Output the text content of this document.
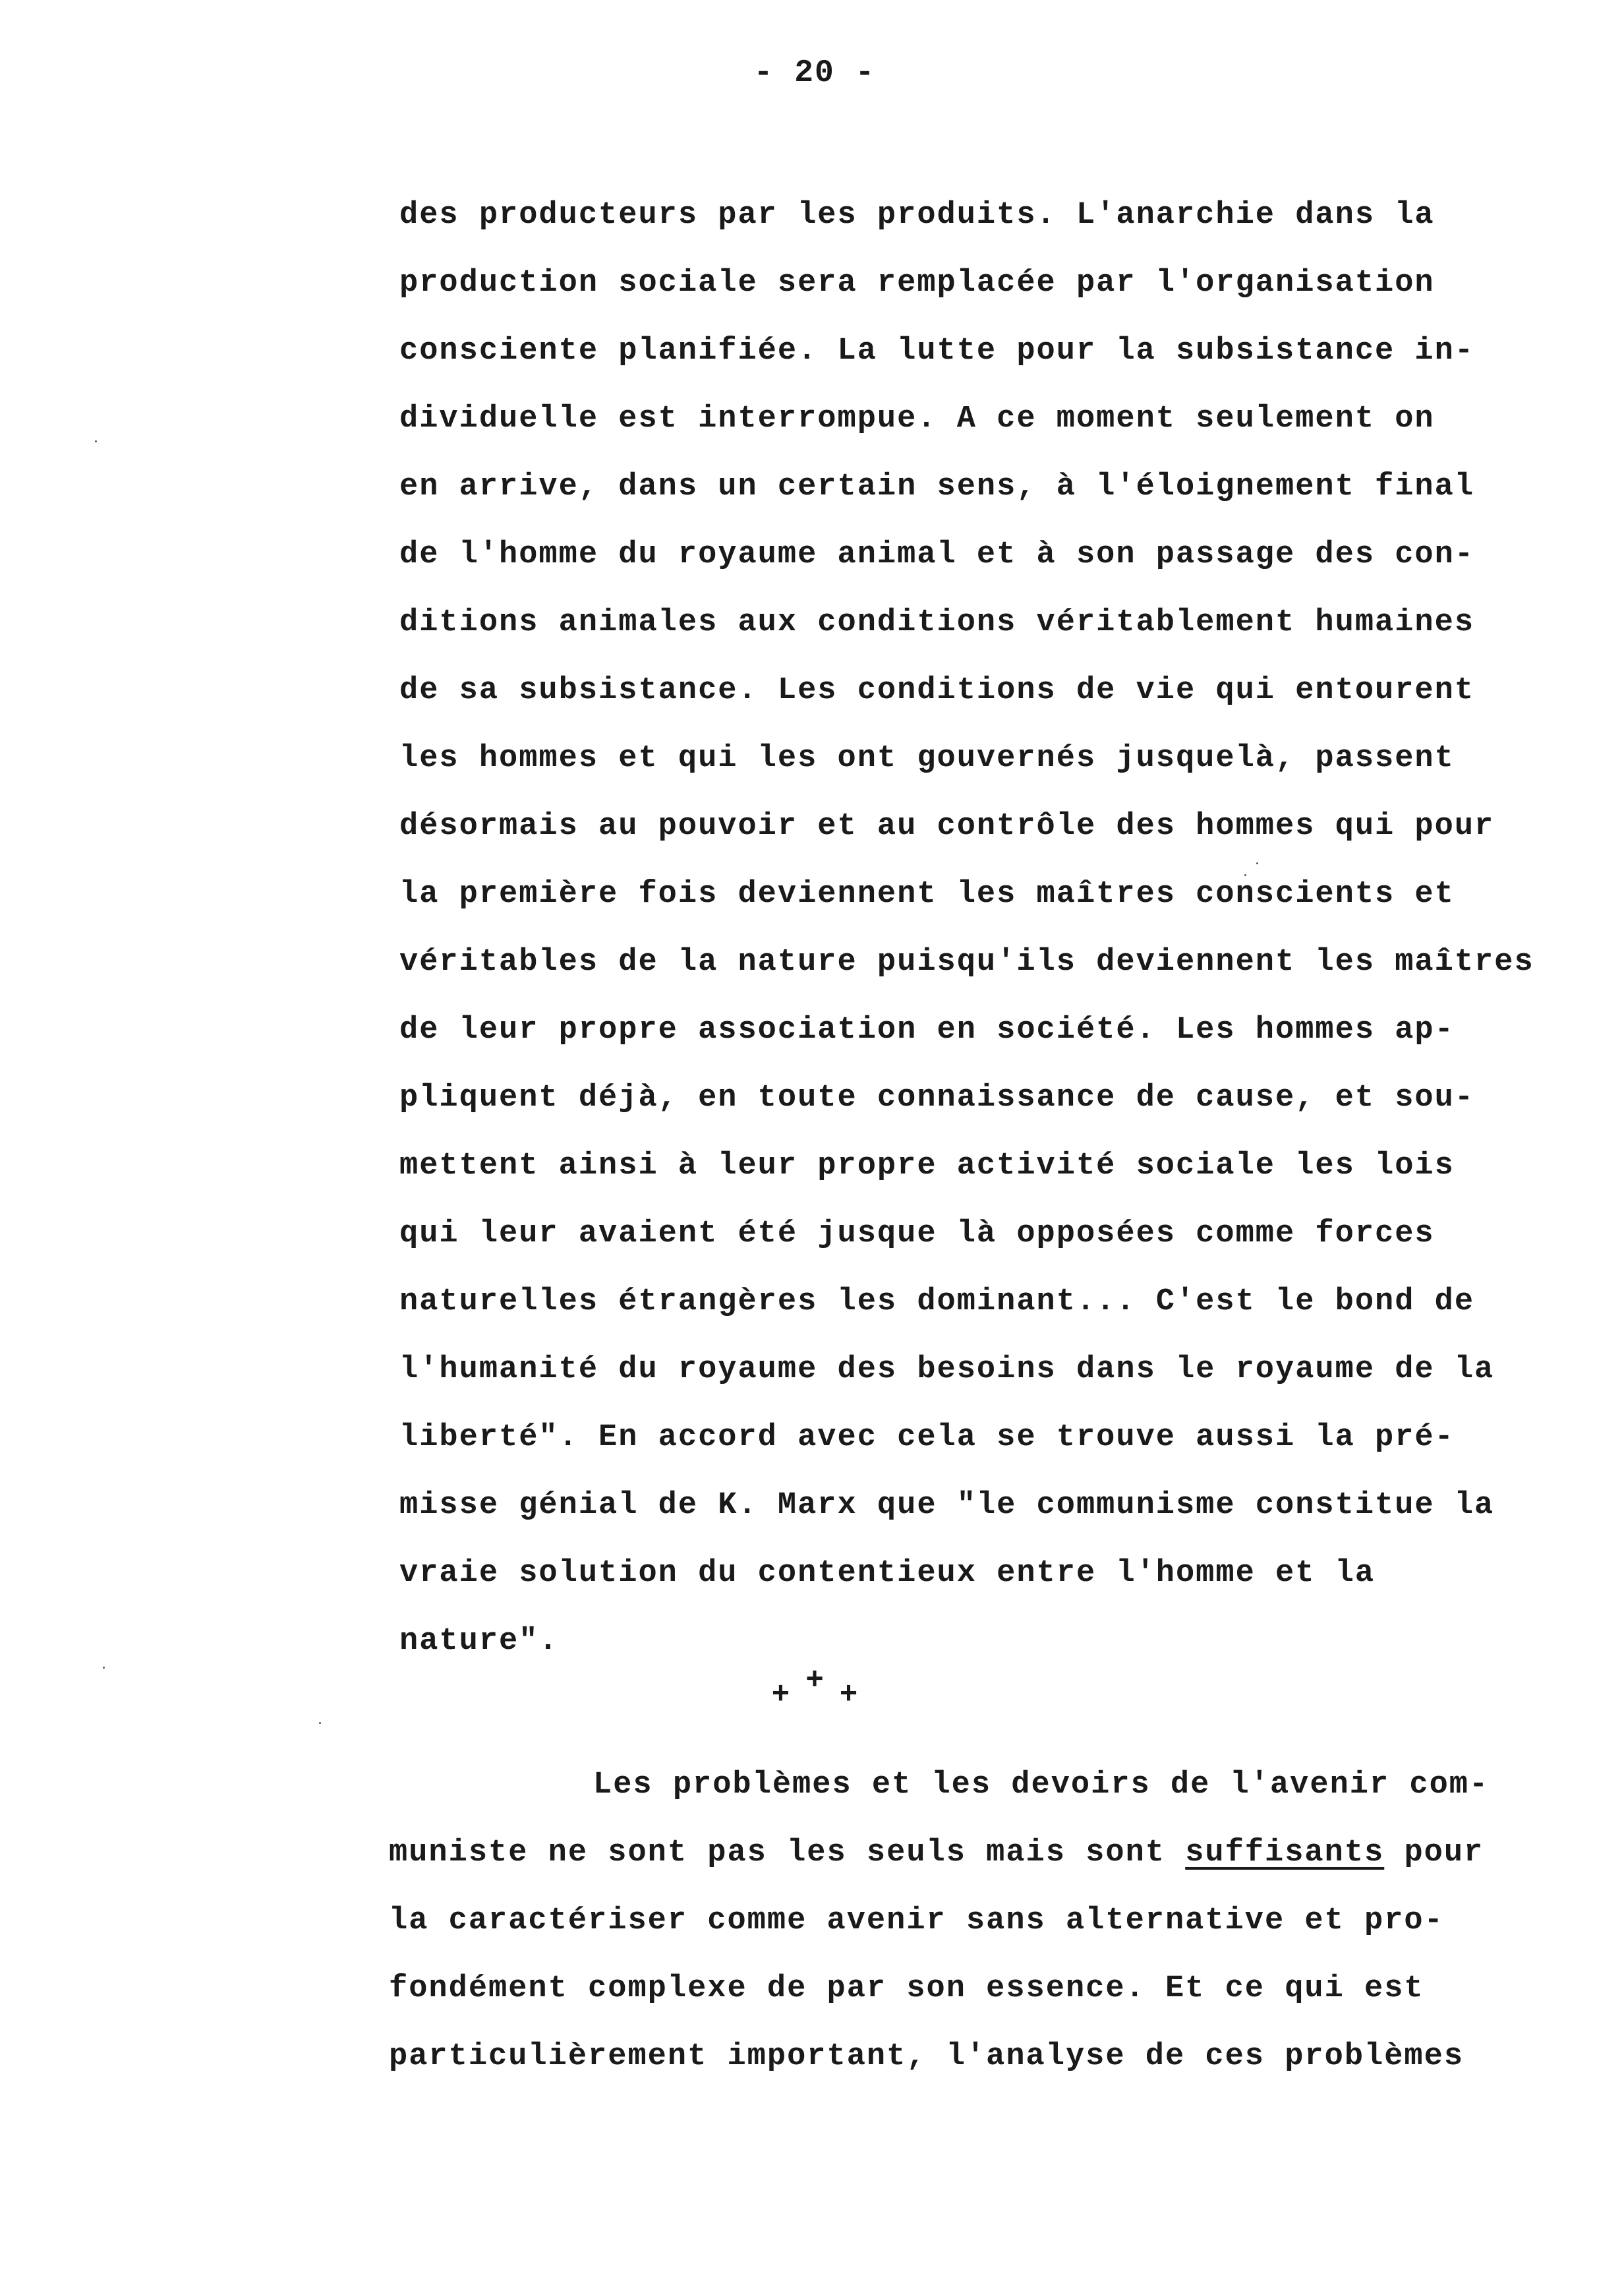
- 20 -
des producteurs par les produits. L'anarchie dans la
production sociale sera remplacée par l'organisation
consciente planifiée. La lutte pour la subsistance in-
dividuelle est interrompue. A ce moment seulement on
en arrive, dans un certain sens, à l'éloignement final
de l'homme du royaume animal et à son passage des con-
ditions animales aux conditions véritablement humaines
de sa subsistance. Les conditions de vie qui entourent
les hommes et qui les ont gouvernés jusquelà, passent
désormais au pouvoir et au contrôle des hommes qui pour
la première fois deviennent les maîtres conscients et
véritables de la nature puisqu'ils deviennent les maîtres
de leur propre association en société. Les hommes ap-
pliquent déjà, en toute connaissance de cause, et sou-
mettent ainsi à leur propre activité sociale les lois
qui leur avaient été jusque là opposées comme forces
naturelles étrangères les dominant... C'est le bond de
l'humanité du royaume des besoins dans le royaume de la
liberté". En accord avec cela se trouve aussi la pré-
misse génial de K. Marx que "le communisme constitue la
vraie solution du contentieux entre l'homme et la
nature".
+ + +
Les problèmes et les devoirs de l'avenir com-
muniste ne sont pas les seuls mais sont suffisants pour
la caractériser comme avenir sans alternative et pro-
fondément complexe de par son essence. Et ce qui est
particulièrement important, l'analyse de ces problèmes
